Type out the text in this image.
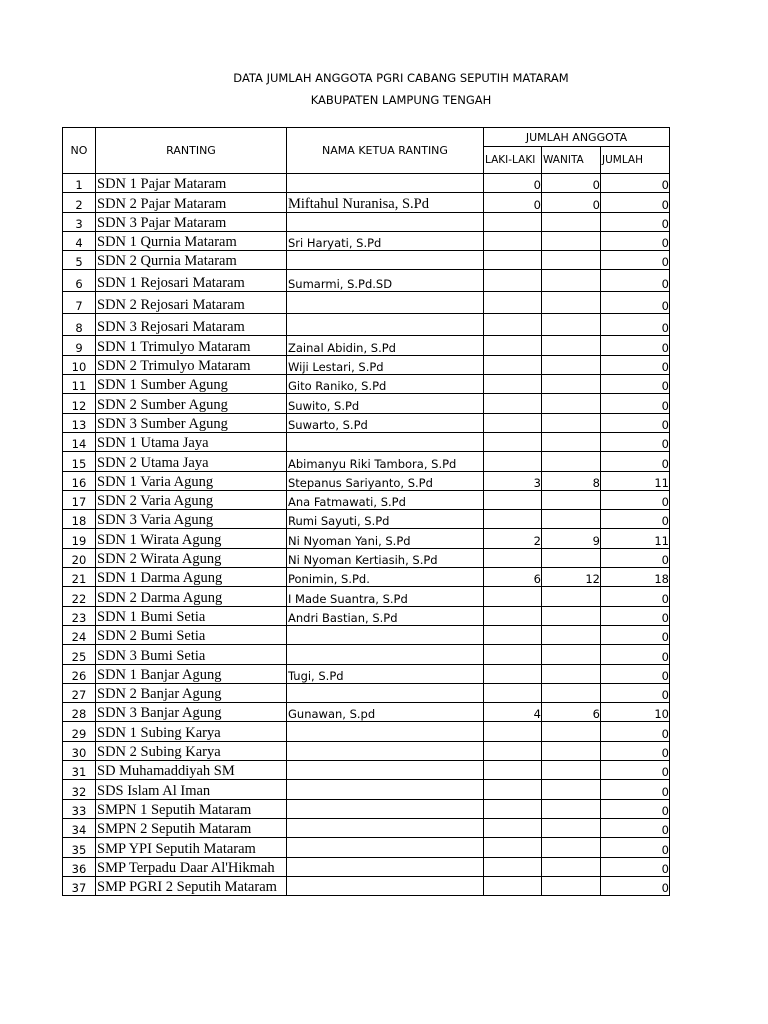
DATA JUMLAH ANGGOTA PGRI CABANG SEPUTIH MATARAM
KABUPATEN LAMPUNG TENGAH
NO	RANTING	NAMA KETUA RANTING	JUMLAH ANGGOTA		
			LAKI-LAKI	WANITA	JUMLAH
1	SDN 1 Pajar Mataram		0	0	0
2	SDN 2 Pajar Mataram	Miftahul Nuranisa, S.Pd	0	0	0
3	SDN 3 Pajar Mataram				0
4	SDN 1 Qurnia Mataram	Sri Haryati, S.Pd			0
5	SDN 2 Qurnia Mataram				0
6	SDN 1 Rejosari Mataram	Sumarmi, S.Pd.SD			0
7	SDN 2 Rejosari Mataram				0
8	SDN 3 Rejosari Mataram				0
9	SDN 1 Trimulyo Mataram	Zainal Abidin, S.Pd			0
10	SDN 2 Trimulyo Mataram	Wiji Lestari, S.Pd			0
11	SDN 1 Sumber Agung	Gito Raniko, S.Pd			0
12	SDN 2 Sumber Agung	Suwito, S.Pd			0
13	SDN 3 Sumber Agung	Suwarto, S.Pd			0
14	SDN 1 Utama Jaya				0
15	SDN 2 Utama Jaya	Abimanyu Riki Tambora, S.Pd			0
16	SDN 1 Varia Agung	Stepanus Sariyanto, S.Pd	3	8	11
17	SDN 2 Varia Agung	Ana Fatmawati, S.Pd			0
18	SDN 3 Varia Agung	Rumi Sayuti, S.Pd			0
19	SDN 1 Wirata Agung	Ni Nyoman Yani, S.Pd	2	9	11
20	SDN 2 Wirata Agung	Ni Nyoman Kertiasih, S.Pd			0
21	SDN 1 Darma Agung	Ponimin, S.Pd.	6	12	18
22	SDN 2 Darma Agung	I Made Suantra, S.Pd			0
23	SDN 1 Bumi Setia	Andri Bastian, S.Pd			0
24	SDN 2 Bumi Setia				0
25	SDN 3 Bumi Setia				0
26	SDN 1 Banjar Agung	Tugi, S.Pd			0
27	SDN 2 Banjar Agung				0
28	SDN 3 Banjar Agung	Gunawan, S.pd	4	6	10
29	SDN 1 Subing Karya				0
30	SDN 2 Subing Karya				0
31	SD Muhamaddiyah SM				0
32	SDS Islam Al Iman				0
33	SMPN 1 Seputih Mataram				0
34	SMPN 2 Seputih Mataram				0
35	SMP YPI Seputih Mataram				0
36	SMP Terpadu Daar Al'Hikmah				0
37	SMP PGRI 2 Seputih Mataram				0
